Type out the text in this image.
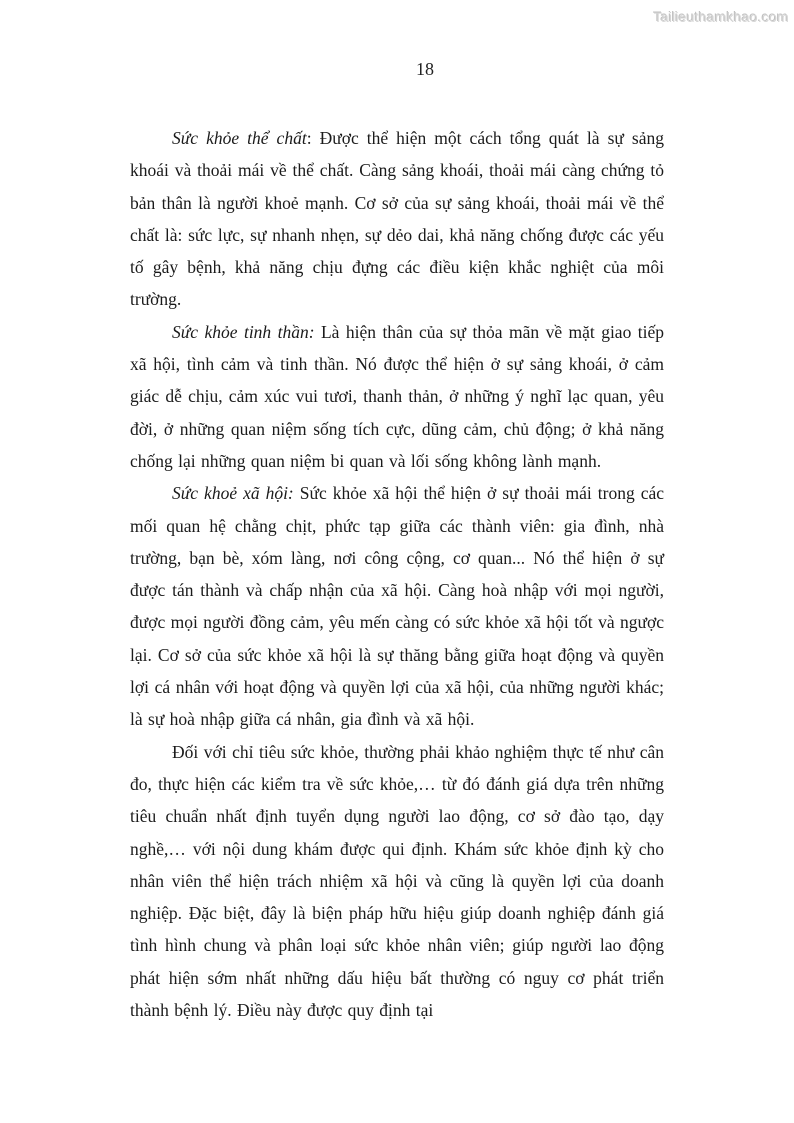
Tailieuthamkhao.com
18

Sức khỏe thể chất: Được thể hiện một cách tổng quát là sự sảng khoái và thoải mái về thể chất. Càng sảng khoái, thoải mái càng chứng tỏ bản thân là người khoẻ mạnh. Cơ sở của sự sảng khoái, thoải mái về thể chất là: sức lực, sự nhanh nhẹn, sự dẻo dai, khả năng chống được các yếu tố gây bệnh, khả năng chịu đựng các điều kiện khắc nghiệt của môi trường.

Sức khỏe tinh thần: Là hiện thân của sự thỏa mãn về mặt giao tiếp xã hội, tình cảm và tinh thần. Nó được thể hiện ở sự sảng khoái, ở cảm giác dễ chịu, cảm xúc vui tươi, thanh thản, ở những ý nghĩ lạc quan, yêu đời, ở những quan niệm sống tích cực, dũng cảm, chủ động; ở khả năng chống lại những quan niệm bi quan và lối sống không lành mạnh.

Sức khoẻ xã hội: Sức khỏe xã hội thể hiện ở sự thoải mái trong các mối quan hệ chằng chịt, phức tạp giữa các thành viên: gia đình, nhà trường, bạn bè, xóm làng, nơi công cộng, cơ quan... Nó thể hiện ở sự được tán thành và chấp nhận của xã hội. Càng hoà nhập với mọi người, được mọi người đồng cảm, yêu mến càng có sức khỏe xã hội tốt và ngược lại. Cơ sở của sức khỏe xã hội là sự thăng bằng giữa hoạt động và quyền lợi cá nhân với hoạt động và quyền lợi của xã hội, của những người khác; là sự hoà nhập giữa cá nhân, gia đình và xã hội.

Đối với chỉ tiêu sức khỏe, thường phải khảo nghiệm thực tế như cân đo, thực hiện các kiểm tra về sức khỏe,… từ đó đánh giá dựa trên những tiêu chuẩn nhất định tuyển dụng người lao động, cơ sở đào tạo, dạy nghề,… với nội dung khám được qui định. Khám sức khỏe định kỳ cho nhân viên thể hiện trách nhiệm xã hội và cũng là quyền lợi của doanh nghiệp. Đặc biệt, đây là biện pháp hữu hiệu giúp doanh nghiệp đánh giá tình hình chung và phân loại sức khỏe nhân viên; giúp người lao động phát hiện sớm nhất những dấu hiệu bất thường có nguy cơ phát triển thành bệnh lý. Điều này được quy định tại
